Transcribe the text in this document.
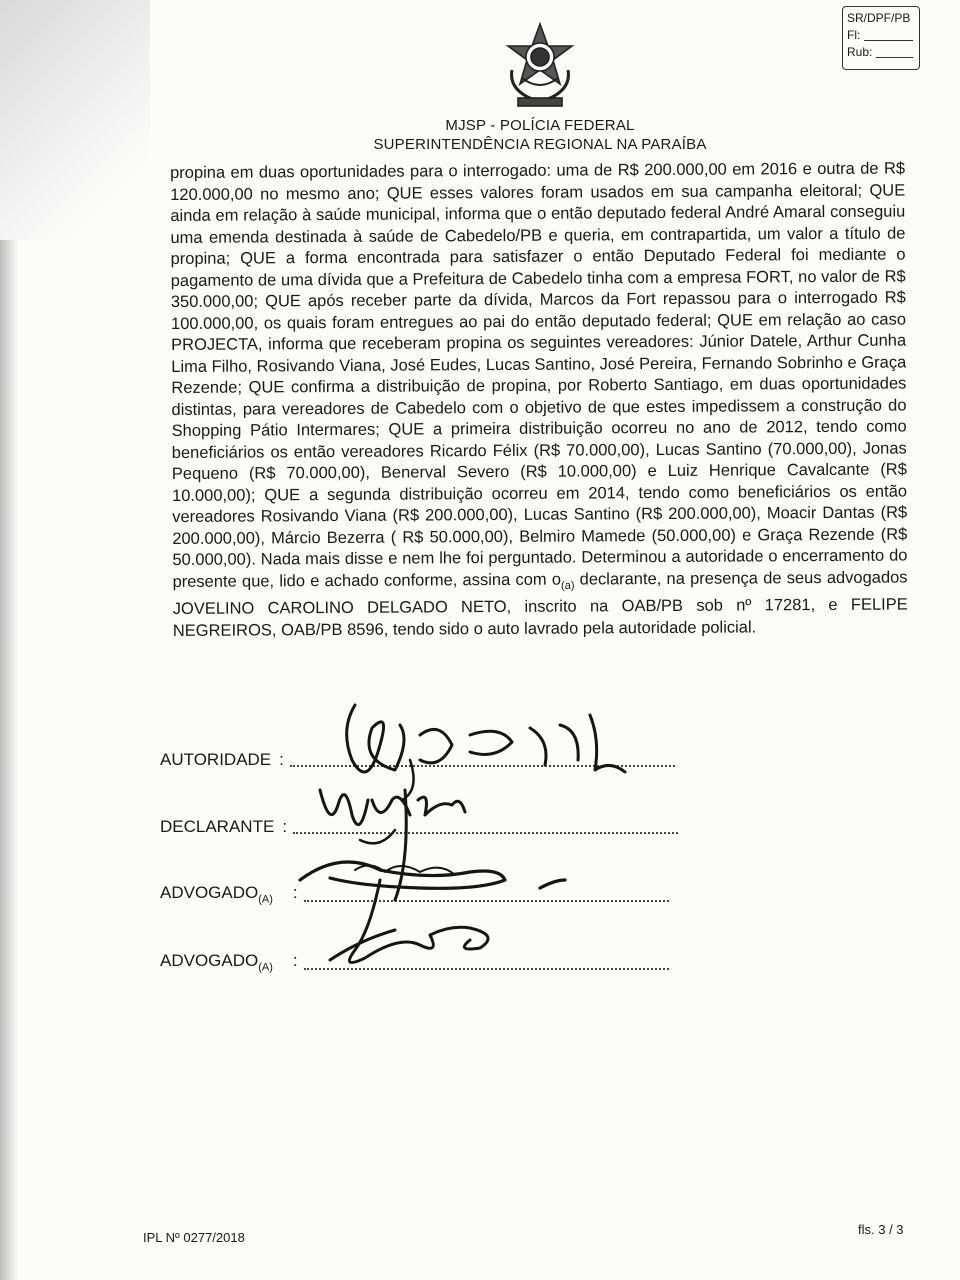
SR/DPF/PB
Fl:
Rub:
MJSP - POLÍCIA FEDERAL
SUPERINTENDÊNCIA REGIONAL NA PARAÍBA
propina em duas oportunidades para o interrogado: uma de R$ 200.000,00 em 2016 e outra de R$ 120.000,00 no mesmo ano; QUE esses valores foram usados em sua campanha eleitoral; QUE ainda em relação à saúde municipal, informa que o então deputado federal André Amaral conseguiu uma emenda destinada à saúde de Cabedelo/PB e queria, em contrapartida, um valor a título de propina; QUE a forma encontrada para satisfazer o então Deputado Federal foi mediante o pagamento de uma dívida que a Prefeitura de Cabedelo tinha com a empresa FORT, no valor de R$ 350.000,00; QUE após receber parte da dívida, Marcos da Fort repassou para o interrogado R$ 100.000,00, os quais foram entregues ao pai do então deputado federal; QUE em relação ao caso PROJECTA, informa que receberam propina os seguintes vereadores: Júnior Datele, Arthur Cunha Lima Filho, Rosivando Viana, José Eudes, Lucas Santino, José Pereira, Fernando Sobrinho e Graça Rezende; QUE confirma a distribuição de propina, por Roberto Santiago, em duas oportunidades distintas, para vereadores de Cabedelo com o objetivo de que estes impedissem a construção do Shopping Pátio Intermares; QUE a primeira distribuição ocorreu no ano de 2012, tendo como beneficiários os então vereadores Ricardo Félix (R$ 70.000,00), Lucas Santino (70.000,00), Jonas Pequeno (R$ 70.000,00), Benerval Severo (R$ 10.000,00) e Luiz Henrique Cavalcante (R$ 10.000,00); QUE a segunda distribuição ocorreu em 2014, tendo como beneficiários os então vereadores Rosivando Viana (R$ 200.000,00), Lucas Santino (R$ 200.000,00), Moacir Dantas (R$ 200.000,00), Márcio Bezerra ( R$ 50.000,00), Belmiro Mamede (50.000,00) e Graça Rezende (R$ 50.000,00). Nada mais disse e nem lhe foi perguntado. Determinou a autoridade o encerramento do presente que, lido e achado conforme, assina com $o_{(a)}$ declarante, na presença de seus advogados JOVELINO CAROLINO DELGADO NETO, inscrito na OAB/PB sob nº 17281, e FELIPE NEGREIROS, OAB/PB 8596, tendo sido o auto lavrado pela autoridade policial.
AUTORIDADE :
DECLARANTE :
$ADVOGADO_{(A)}$ :
$ADVOGADO_{(A)}$ :
IPL Nº 0277/2018
fls. 3 / 3
